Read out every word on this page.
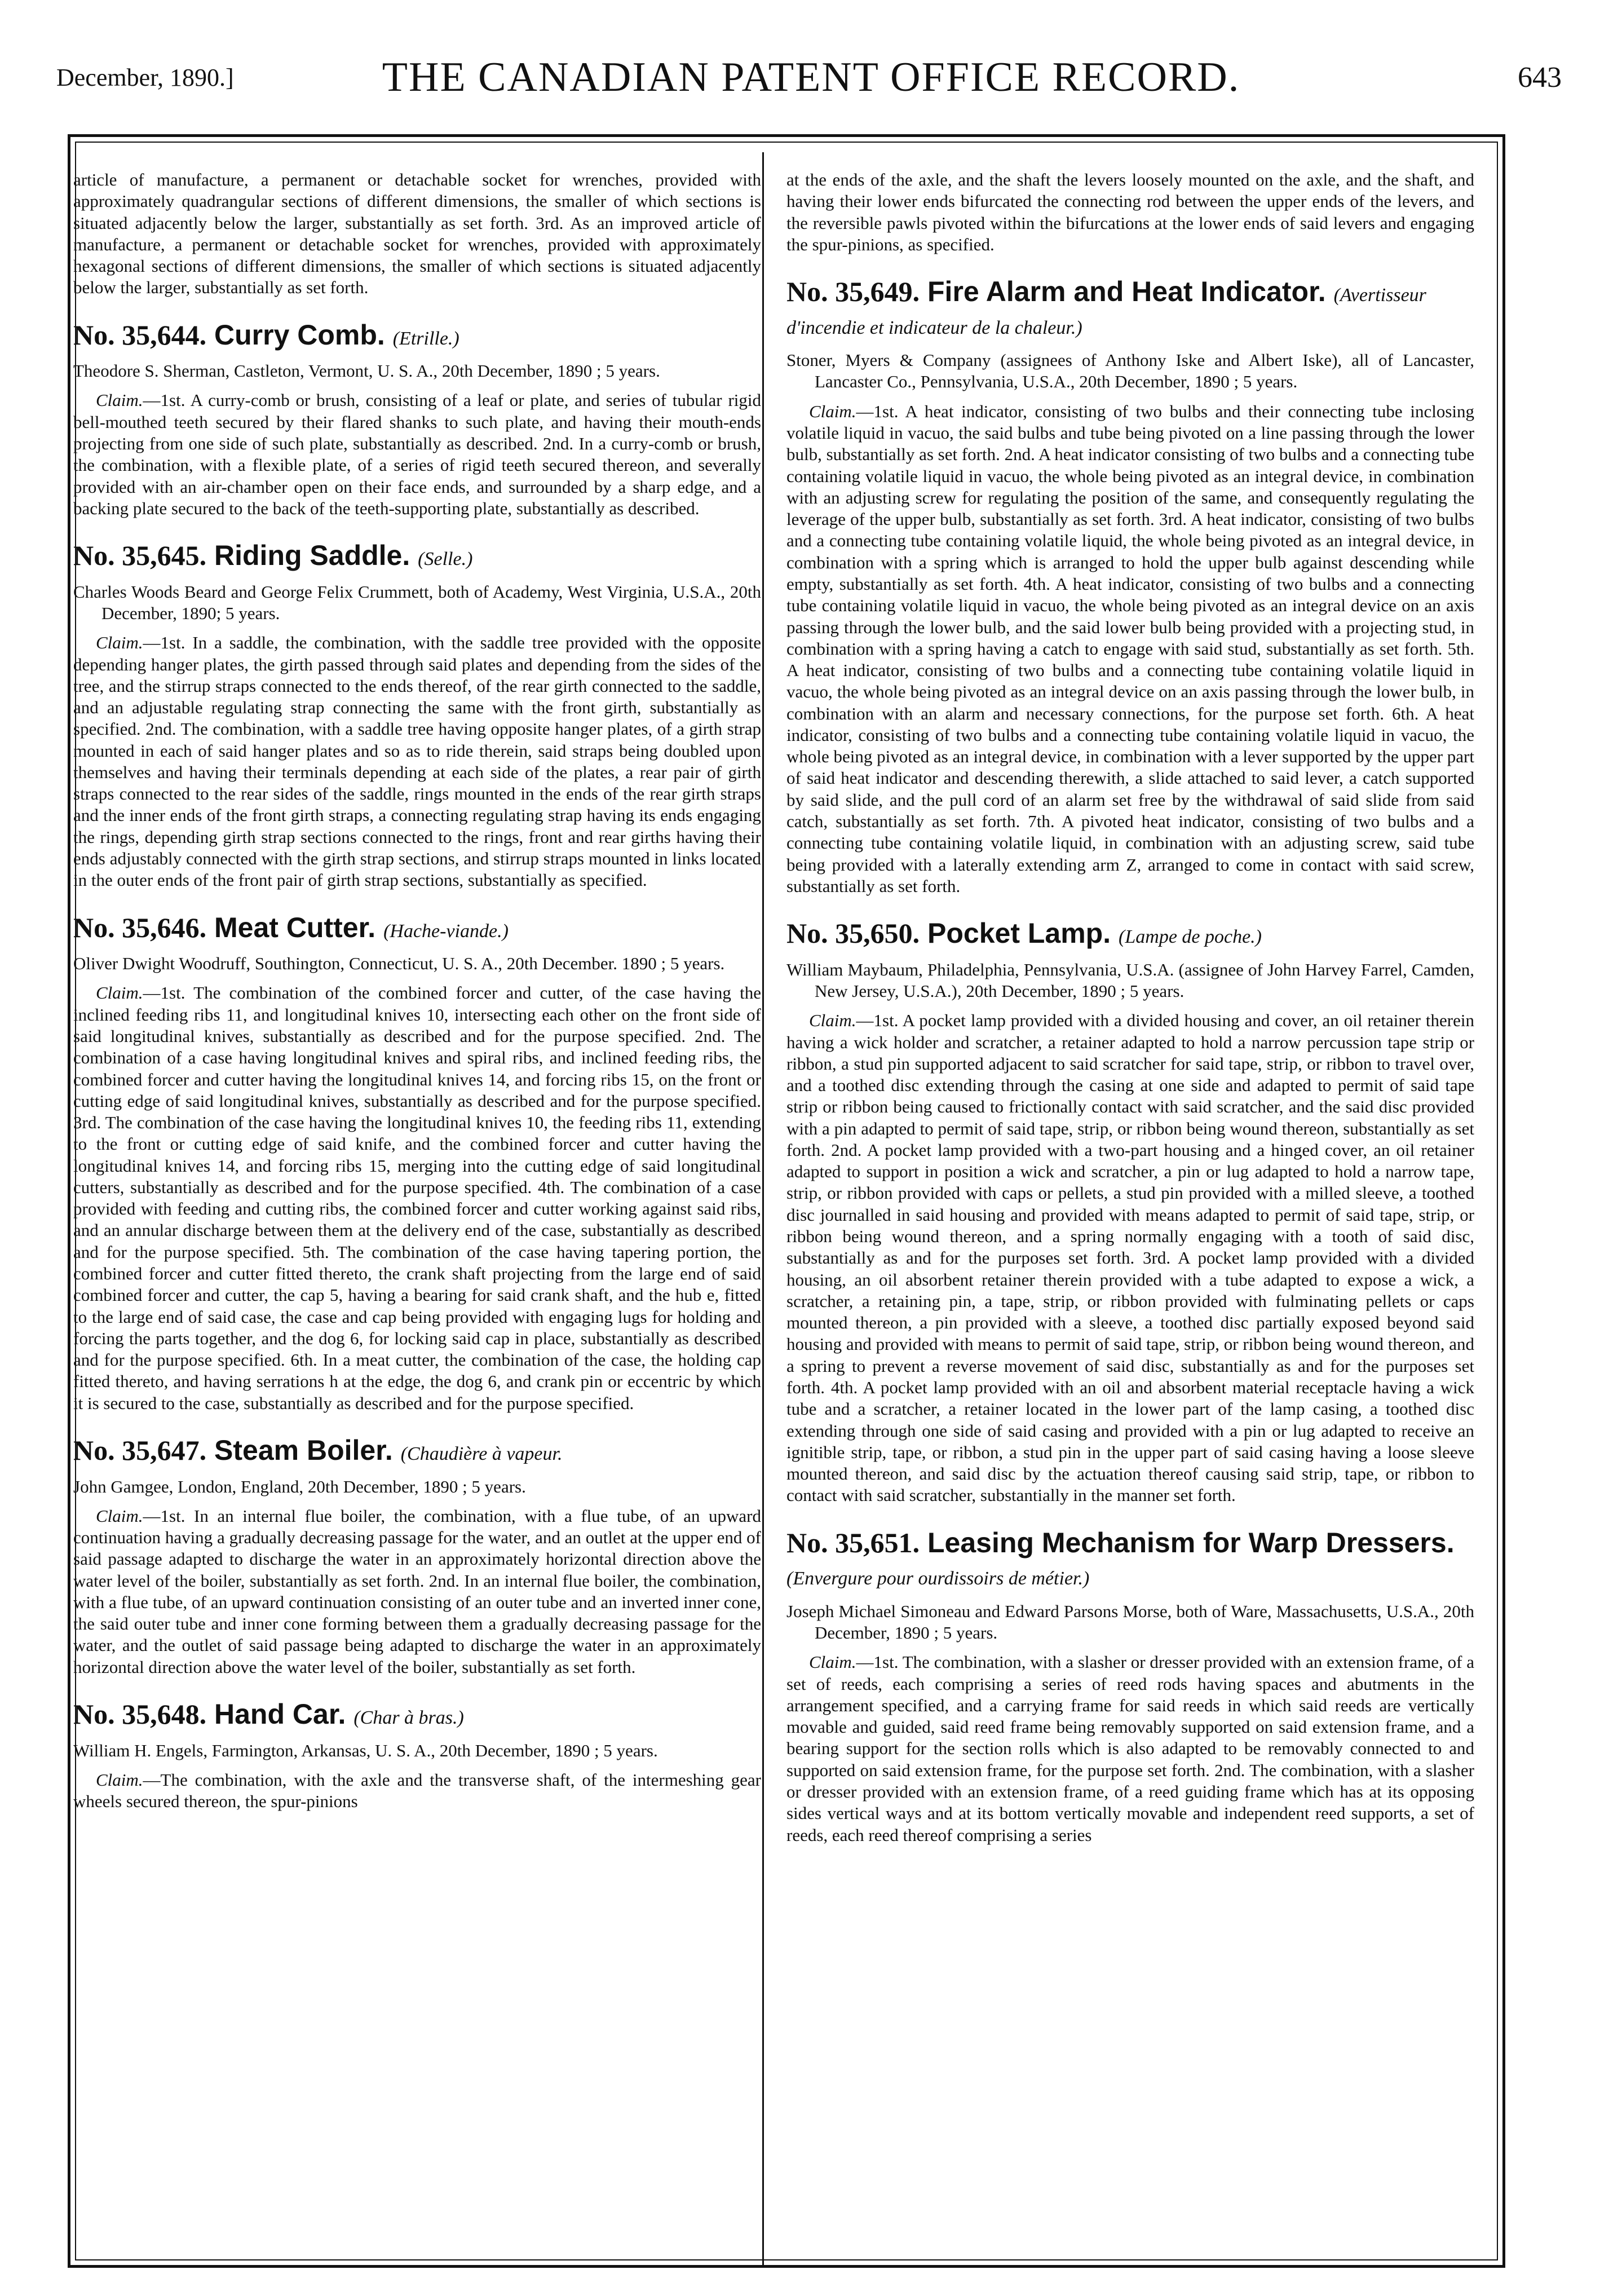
December, 1890.]	THE CANADIAN PATENT OFFICE RECORD.	643

article of manufacture, a permanent or detachable socket for wrenches, provided with approximately quadrangular sections of different dimensions, the smaller of which sections is situated adjacently below the larger, substantially as set forth. 3rd. As an improved article of manufacture, a permanent or detachable socket for wrenches, provided with approximately hexagonal sections of different dimensions, the smaller of which sections is situated adjacently below the larger, substantially as set forth.

No. 35,644. Curry Comb. (Etrille.)

Theodore S. Sherman, Castleton, Vermont, U. S. A., 20th December, 1890 ; 5 years.

Claim.—1st. A curry-comb or brush, consisting of a leaf or plate, and series of tubular rigid bell-mouthed teeth secured by their flared shanks to such plate, and having their mouth-ends projecting from one side of such plate, substantially as described. 2nd. In a curry-comb or brush, the combination, with a flexible plate, of a series of rigid teeth secured thereon, and severally provided with an air-chamber open on their face ends, and surrounded by a sharp edge, and a backing plate secured to the back of the teeth-supporting plate, substantially as described.

No. 35,645. Riding Saddle. (Selle.)

Charles Woods Beard and George Felix Crummett, both of Academy, West Virginia, U.S.A., 20th December, 1890; 5 years.

Claim.—1st. In a saddle, the combination, with the saddle tree provided with the opposite depending hanger plates, the girth passed through said plates and depending from the sides of the tree, and the stirrup straps connected to the ends thereof, of the rear girth connected to the saddle, and an adjustable regulating strap connecting the same with the front girth, substantially as specified. 2nd. The combination, with a saddle tree having opposite hanger plates, of a girth strap mounted in each of said hanger plates and so as to ride therein, said straps being doubled upon themselves and having their terminals depending at each side of the plates, a rear pair of girth straps connected to the rear sides of the saddle, rings mounted in the ends of the rear girth straps and the inner ends of the front girth straps, a connecting regulating strap having its ends engaging the rings, depending girth strap sections connected to the rings, front and rear girths having their ends adjustably connected with the girth strap sections, and stirrup straps mounted in links located in the outer ends of the front pair of girth strap sections, substantially as specified.

No. 35,646. Meat Cutter. (Hache-viande.)

Oliver Dwight Woodruff, Southington, Connecticut, U. S. A., 20th December. 1890 ; 5 years.

Claim.—1st. The combination of the combined forcer and cutter, of the case having the inclined feeding ribs 11, and longitudinal knives 10, intersecting each other on the front side of said longitudinal knives, substantially as described and for the purpose specified. 2nd. The combination of a case having longitudinal knives and spiral ribs, and inclined feeding ribs, the combined forcer and cutter having the longitudinal knives 14, and forcing ribs 15, on the front or cutting edge of said longitudinal knives, substantially as described and for the purpose specified. 3rd. The combination of the case having the longitudinal knives 10, the feeding ribs 11, extending to the front or cutting edge of said knife, and the combined forcer and cutter having the longitudinal knives 14, and forcing ribs 15, merging into the cutting edge of said longitudinal cutters, substantially as described and for the purpose specified. 4th. The combination of a case provided with feeding and cutting ribs, the combined forcer and cutter working against said ribs, and an annular discharge between them at the delivery end of the case, substantially as described and for the purpose specified. 5th. The combination of the case having tapering portion, the combined forcer and cutter fitted thereto, the crank shaft projecting from the large end of said combined forcer and cutter, the cap 5, having a bearing for said crank shaft, and the hub e, fitted to the large end of said case, the case and cap being provided with engaging lugs for holding and forcing the parts together, and the dog 6, for locking said cap in place, substantially as described and for the purpose specified. 6th. In a meat cutter, the combination of the case, the holding cap fitted thereto, and having serrations h at the edge, the dog 6, and crank pin or eccentric by which it is secured to the case, substantially as described and for the purpose specified.

No. 35,647. Steam Boiler. (Chaudière à vapeur.

John Gamgee, London, England, 20th December, 1890 ; 5 years.

Claim.—1st. In an internal flue boiler, the combination, with a flue tube, of an upward continuation having a gradually decreasing passage for the water, and an outlet at the upper end of said passage adapted to discharge the water in an approximately horizontal direction above the water level of the boiler, substantially as set forth. 2nd. In an internal flue boiler, the combination, with a flue tube, of an upward continuation consisting of an outer tube and an inverted inner cone, the said outer tube and inner cone forming between them a gradually decreasing passage for the water, and the outlet of said passage being adapted to discharge the water in an approximately horizontal direction above the water level of the boiler, substantially as set forth.

No. 35,648. Hand Car. (Char à bras.)

William H. Engels, Farmington, Arkansas, U. S. A., 20th December, 1890 ; 5 years.

Claim.—The combination, with the axle and the transverse shaft, of the intermeshing gear wheels secured thereon, the spur-pinions

at the ends of the axle, and the shaft the levers loosely mounted on the axle, and the shaft, and having their lower ends bifurcated the connecting rod between the upper ends of the levers, and the reversible pawls pivoted within the bifurcations at the lower ends of said levers and engaging the spur-pinions, as specified.

No. 35,649. Fire Alarm and Heat Indicator. (Avertisseur d'incendie et indicateur de la chaleur.)

Stoner, Myers & Company (assignees of Anthony Iske and Albert Iske), all of Lancaster, Lancaster Co., Pennsylvania, U.S.A., 20th December, 1890 ; 5 years.

Claim.—1st. A heat indicator, consisting of two bulbs and their connecting tube inclosing volatile liquid in vacuo, the said bulbs and tube being pivoted on a line passing through the lower bulb, substantially as set forth. 2nd. A heat indicator consisting of two bulbs and a connecting tube containing volatile liquid in vacuo, the whole being pivoted as an integral device, in combination with an adjusting screw for regulating the position of the same, and consequently regulating the leverage of the upper bulb, substantially as set forth. 3rd. A heat indicator, consisting of two bulbs and a connecting tube containing volatile liquid, the whole being pivoted as an integral device, in combination with a spring which is arranged to hold the upper bulb against descending while empty, substantially as set forth. 4th. A heat indicator, consisting of two bulbs and a connecting tube containing volatile liquid in vacuo, the whole being pivoted as an integral device on an axis passing through the lower bulb, and the said lower bulb being provided with a projecting stud, in combination with a spring having a catch to engage with said stud, substantially as set forth. 5th. A heat indicator, consisting of two bulbs and a connecting tube containing volatile liquid in vacuo, the whole being pivoted as an integral device on an axis passing through the lower bulb, in combination with an alarm and necessary connections, for the purpose set forth. 6th. A heat indicator, consisting of two bulbs and a connecting tube containing volatile liquid in vacuo, the whole being pivoted as an integral device, in combination with a lever supported by the upper part of said heat indicator and descending therewith, a slide attached to said lever, a catch supported by said slide, and the pull cord of an alarm set free by the withdrawal of said slide from said catch, substantially as set forth. 7th. A pivoted heat indicator, consisting of two bulbs and a connecting tube containing volatile liquid, in combination with an adjusting screw, said tube being provided with a laterally extending arm Z, arranged to come in contact with said screw, substantially as set forth.

No. 35,650. Pocket Lamp. (Lampe de poche.)

William Maybaum, Philadelphia, Pennsylvania, U.S.A. (assignee of John Harvey Farrel, Camden, New Jersey, U.S.A.), 20th December, 1890 ; 5 years.

Claim.—1st. A pocket lamp provided with a divided housing and cover, an oil retainer therein having a wick holder and scratcher, a retainer adapted to hold a narrow percussion tape strip or ribbon, a stud pin supported adjacent to said scratcher for said tape, strip, or ribbon to travel over, and a toothed disc extending through the casing at one side and adapted to permit of said tape strip or ribbon being caused to frictionally contact with said scratcher, and the said disc provided with a pin adapted to permit of said tape, strip, or ribbon being wound thereon, substantially as set forth. 2nd. A pocket lamp provided with a two-part housing and a hinged cover, an oil retainer adapted to support in position a wick and scratcher, a pin or lug adapted to hold a narrow tape, strip, or ribbon provided with caps or pellets, a stud pin provided with a milled sleeve, a toothed disc journalled in said housing and provided with means adapted to permit of said tape, strip, or ribbon being wound thereon, and a spring normally engaging with a tooth of said disc, substantially as and for the purposes set forth. 3rd. A pocket lamp provided with a divided housing, an oil absorbent retainer therein provided with a tube adapted to expose a wick, a scratcher, a retaining pin, a tape, strip, or ribbon provided with fulminating pellets or caps mounted thereon, a pin provided with a sleeve, a toothed disc partially exposed beyond said housing and provided with means to permit of said tape, strip, or ribbon being wound thereon, and a spring to prevent a reverse movement of said disc, substantially as and for the purposes set forth. 4th. A pocket lamp provided with an oil and absorbent material receptacle having a wick tube and a scratcher, a retainer located in the lower part of the lamp casing, a toothed disc extending through one side of said casing and provided with a pin or lug adapted to receive an ignitible strip, tape, or ribbon, a stud pin in the upper part of said casing having a loose sleeve mounted thereon, and said disc by the actuation thereof causing said strip, tape, or ribbon to contact with said scratcher, substantially in the manner set forth.

No. 35,651. Leasing Mechanism for Warp Dressers. (Envergure pour ourdissoirs de métier.)

Joseph Michael Simoneau and Edward Parsons Morse, both of Ware, Massachusetts, U.S.A., 20th December, 1890 ; 5 years.

Claim.—1st. The combination, with a slasher or dresser provided with an extension frame, of a set of reeds, each comprising a series of reed rods having spaces and abutments in the arrangement specified, and a carrying frame for said reeds in which said reeds are vertically movable and guided, said reed frame being removably supported on said extension frame, and a bearing support for the section rolls which is also adapted to be removably connected to and supported on said extension frame, for the purpose set forth. 2nd. The combination, with a slasher or dresser provided with an extension frame, of a reed guiding frame which has at its opposing sides vertical ways and at its bottom vertically movable and independent reed supports, a set of reeds, each reed thereof comprising a series
